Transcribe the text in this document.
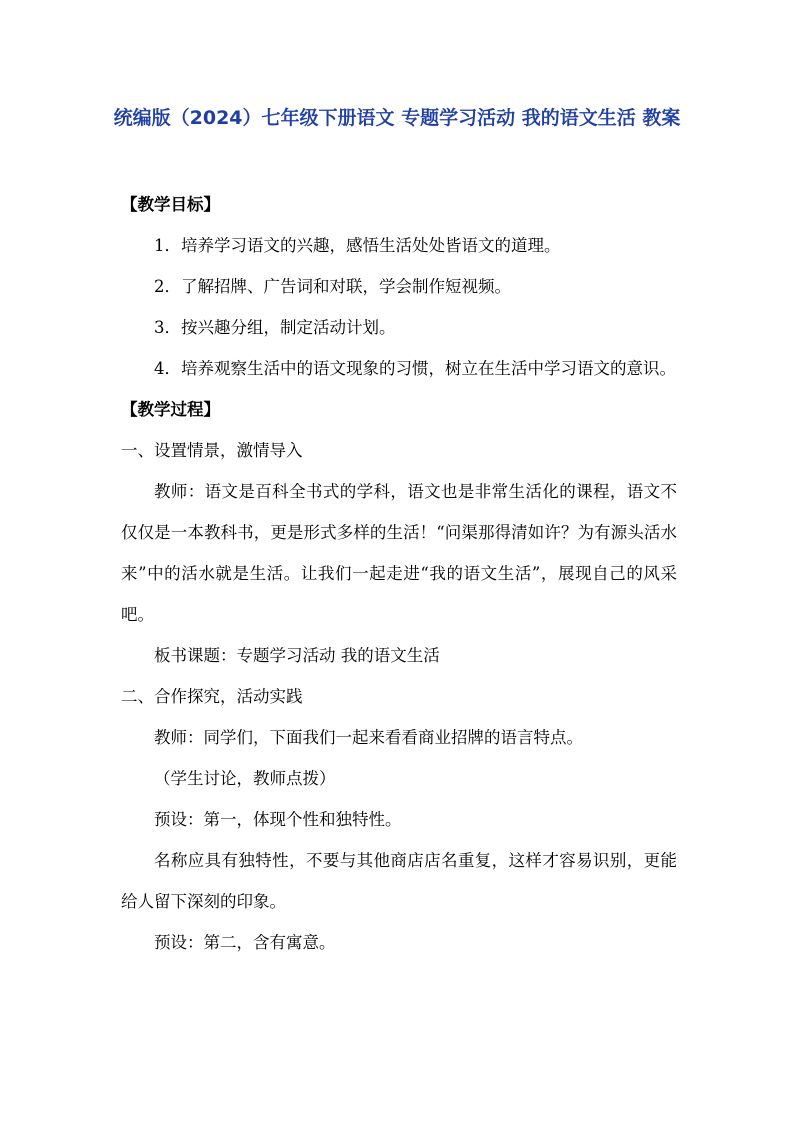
统编版（2024）七年级下册语文 专题学习活动 我的语文生活 教案

【教学目标】

1．培养学习语文的兴趣，感悟生活处处皆语文的道理。

2．了解招牌、广告词和对联，学会制作短视频。

3．按兴趣分组，制定活动计划。

4．培养观察生活中的语文现象的习惯，树立在生活中学习语文的意识。

【教学过程】

一、设置情景，激情导入

教师：语文是百科全书式的学科，语文也是非常生活化的课程，语文不仅仅是一本教科书，更是形式多样的生活！“问渠那得清如许？为有源头活水来”中的活水就是生活。让我们一起走进“我的语文生活”，展现自己的风采吧。

板书课题：专题学习活动 我的语文生活

二、合作探究，活动实践

教师：同学们，下面我们一起来看看商业招牌的语言特点。

（学生讨论，教师点拨）

预设：第一，体现个性和独特性。

名称应具有独特性，不要与其他商店店名重复，这样才容易识别，更能给人留下深刻的印象。

预设：第二，含有寓意。
